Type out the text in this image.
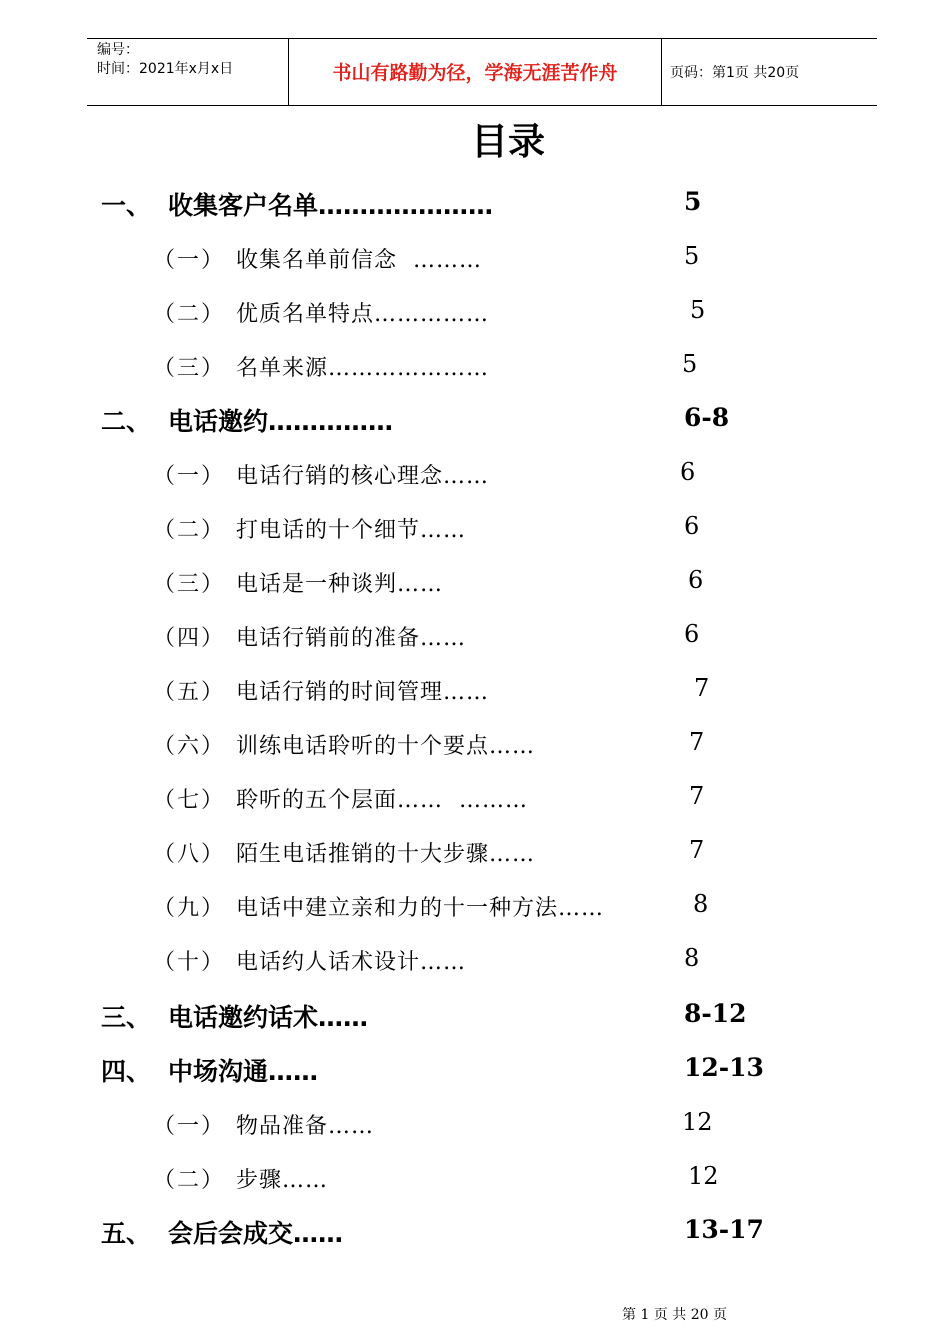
编号：
时间：2021年x月x日	书山有路勤为径，学海无涯苦作舟	页码：第1页 共20页
目录
一、 收集客户名单…………………	5
（一） 收集名单前信念  ………	5
（二） 优质名单特点……………	5
（三） 名单来源…………………	5
二、 电话邀约……………	6-8
（一） 电话行销的核心理念……	6
（二） 打电话的十个细节……	6
（三） 电话是一种谈判……	6
（四） 电话行销前的准备……	6
（五） 电话行销的时间管理……	7
（六） 训练电话聆听的十个要点……	7
（七） 聆听的五个层面……  ………	7
（八） 陌生电话推销的十大步骤……	7
（九） 电话中建立亲和力的十一种方法……	8
（十） 电话约人话术设计……	8
三、 电话邀约话术……	8-12
四、 中场沟通……	12-13
（一） 物品准备……	12
（二） 步骤……	12
五、 会后会成交……	13-17
第 1 页 共 20 页
